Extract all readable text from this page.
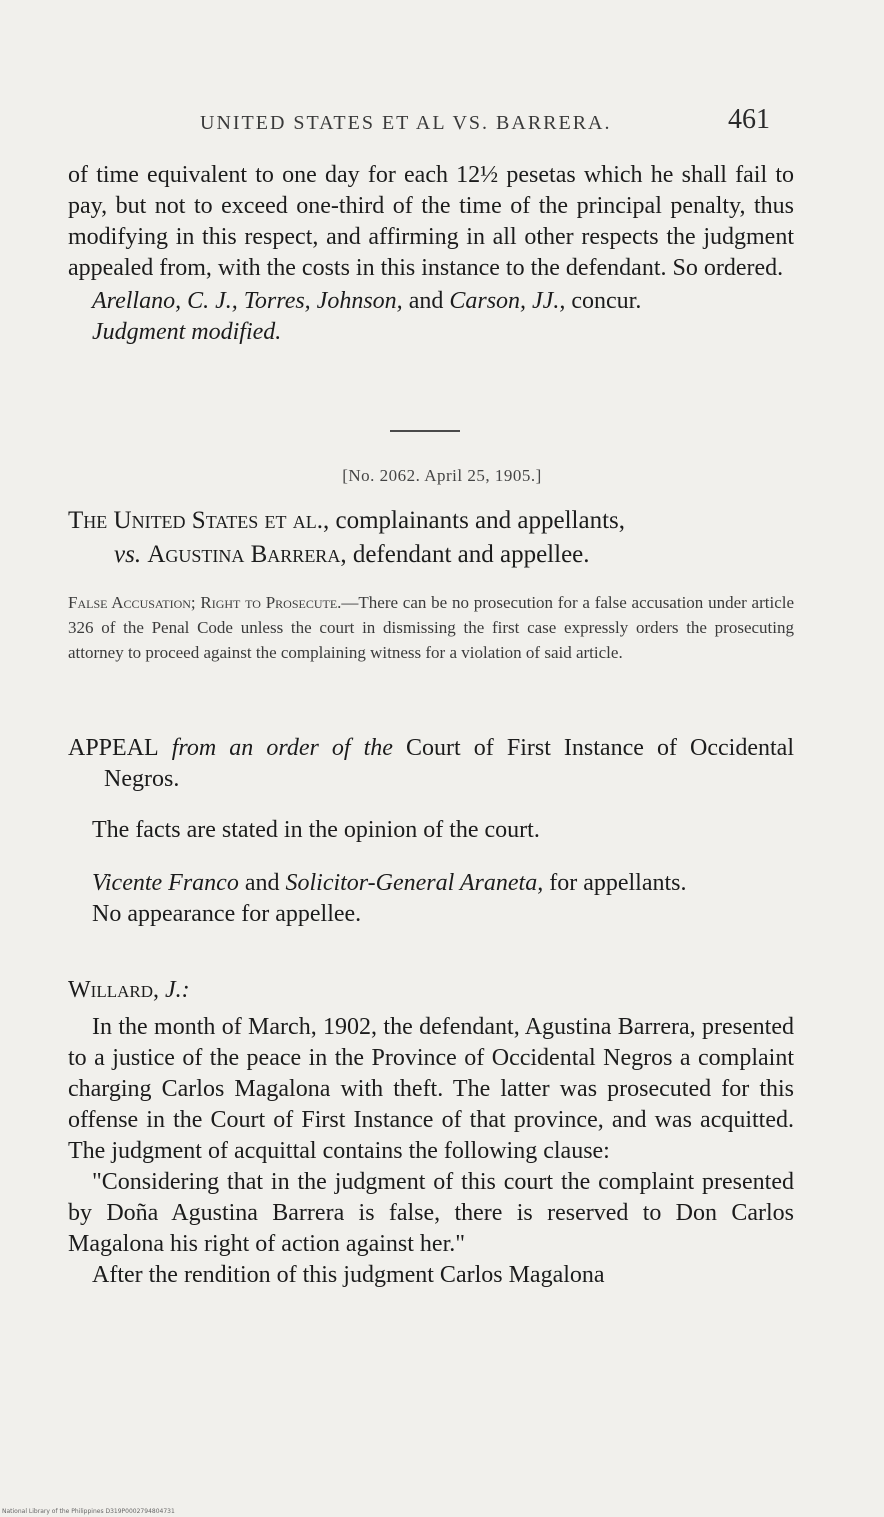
UNITED STATES ET AL VS. BARRERA.	461

of time equivalent to one day for each 12½ pesetas which he shall fail to pay, but not to exceed one-third of the time of the principal penalty, thus modifying in this respect, and affirming in all other respects the judgment appealed from, with the costs in this instance to the defendant. So ordered.

Arellano, C. J., Torres, Johnson, and Carson, JJ., concur.

Judgment modified.

[No. 2062. April 25, 1905.]

The United States et al., complainants and appellants,

vs. Agustina Barrera, defendant and appellee.

False Accusation; Right to Prosecute.—There can be no prosecution for a false accusation under article 326 of the Penal Code unless the court in dismissing the first case expressly orders the prosecuting attorney to proceed against the complaining witness for a violation of said article.

APPEAL from an order of the Court of First Instance of Occidental Negros.

The facts are stated in the opinion of the court.

Vicente Franco and Solicitor-General Araneta, for appellants.

No appearance for appellee.

Willard, J.:

In the month of March, 1902, the defendant, Agustina Barrera, presented to a justice of the peace in the Province of Occidental Negros a complaint charging Carlos Magalona with theft. The latter was prosecuted for this offense in the Court of First Instance of that province, and was acquitted. The judgment of acquittal contains the following clause:

"Considering that in the judgment of this court the complaint presented by Doña Agustina Barrera is false, there is reserved to Don Carlos Magalona his right of action against her."

After the rendition of this judgment Carlos Magalona

National Library of the Philippines D319P0002794804731
